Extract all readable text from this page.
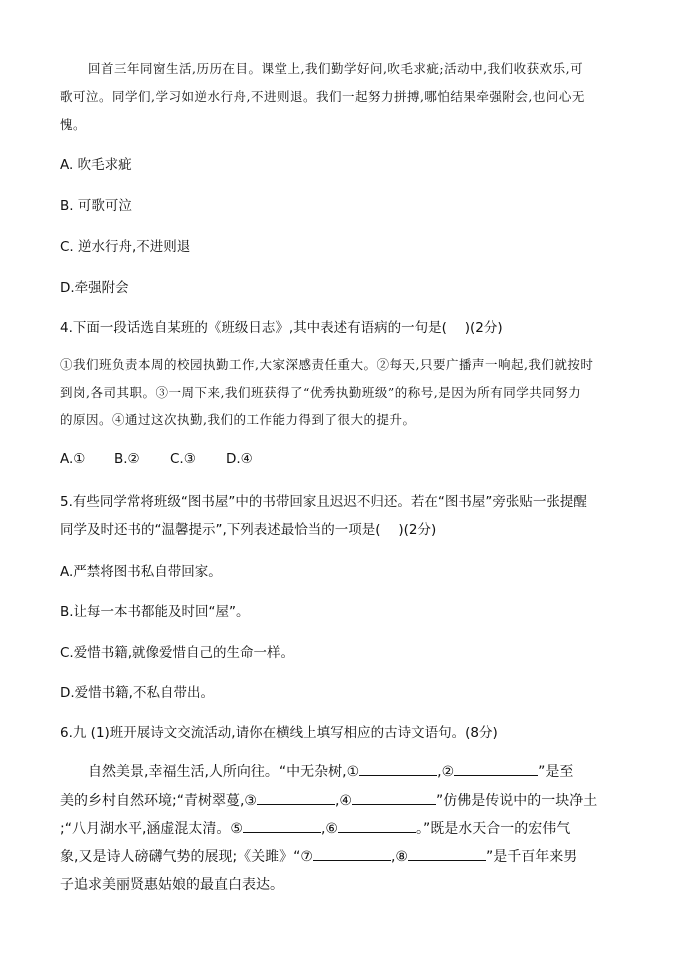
回首三年同窗生活,历历在目。课堂上,我们勤学好问,吹毛求疵;活动中,我们收获欢乐,可
歌可泣。同学们,学习如逆水行舟,不进则退。我们一起努力拼搏,哪怕结果牵强附会,也问心无
愧。
A. 吹毛求疵
B. 可歌可泣
C. 逆水行舟,不进则退
D.牵强附会
4.下面一段话选自某班的《班级日志》,其中表述有语病的一句是(　 )(2分)
①我们班负责本周的校园执勤工作,大家深感责任重大。②每天,只要广播声一响起,我们就按时
到岗,各司其职。③一周下来,我们班获得了“优秀执勤班级”的称号,是因为所有同学共同努力
的原因。④通过这次执勤,我们的工作能力得到了很大的提升。
A.① B.② C.③ D.④
5.有些同学常将班级“图书屋”中的书带回家且迟迟不归还。若在“图书屋”旁张贴一张提醒
同学及时还书的“温馨提示”,下列表述最恰当的一项是(　 )(2分)
A.严禁将图书私自带回家。
B.让每一本书都能及时回“屋”。
C.爱惜书籍,就像爱惜自己的生命一样。
D.爱惜书籍,不私自带出。
6.九 (1)班开展诗文交流活动,请你在横线上填写相应的古诗文语句。(8分)
自然美景,幸福生活,人所向往。“中无杂树,①	,②	”是至
美的乡村自然环境;“青树翠蔓,③	,④	”仿佛是传说中的一块净土
;“八月湖水平,涵虚混太清。⑤	,⑥	。”既是水天合一的宏伟气
象,又是诗人磅礴气势的展现;《关雎》“⑦	,⑧	”是千百年来男
子追求美丽贤惠姑娘的最直白表达。
